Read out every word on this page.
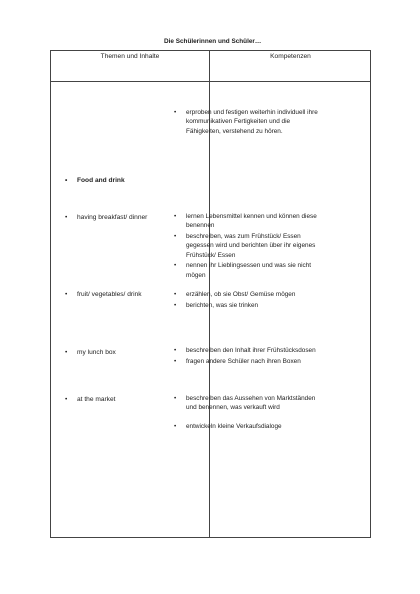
Themen und Inhalte	Kompetenzen
• Food and drink
• having breakfast/ dinner
• fruit/ vegetables/ drink
• my lunch box
• at the market
Die Schülerinnen und Schüler…
• erproben und festigen weiterhin individuell ihre kommunikativen Fertigkeiten und die Fähigkeiten, verstehend zu hören.
• lernen Lebensmittel kennen und können diese benennen
• beschreiben, was zum Frühstück/ Essen gegessen wird und berichten über ihr eigenes Frühstück/ Essen
• nennen ihr Lieblingsessen und was sie nicht mögen
• erzählen, ob sie Obst/ Gemüse mögen
• berichten, was sie trinken
• beschreiben den Inhalt ihrer Frühstücksdosen
• fragen andere Schüler nach ihren Boxen
• beschreiben das Aussehen von Marktständen und benennen, was verkauft wird
• entwickeln kleine Verkaufsdialoge
